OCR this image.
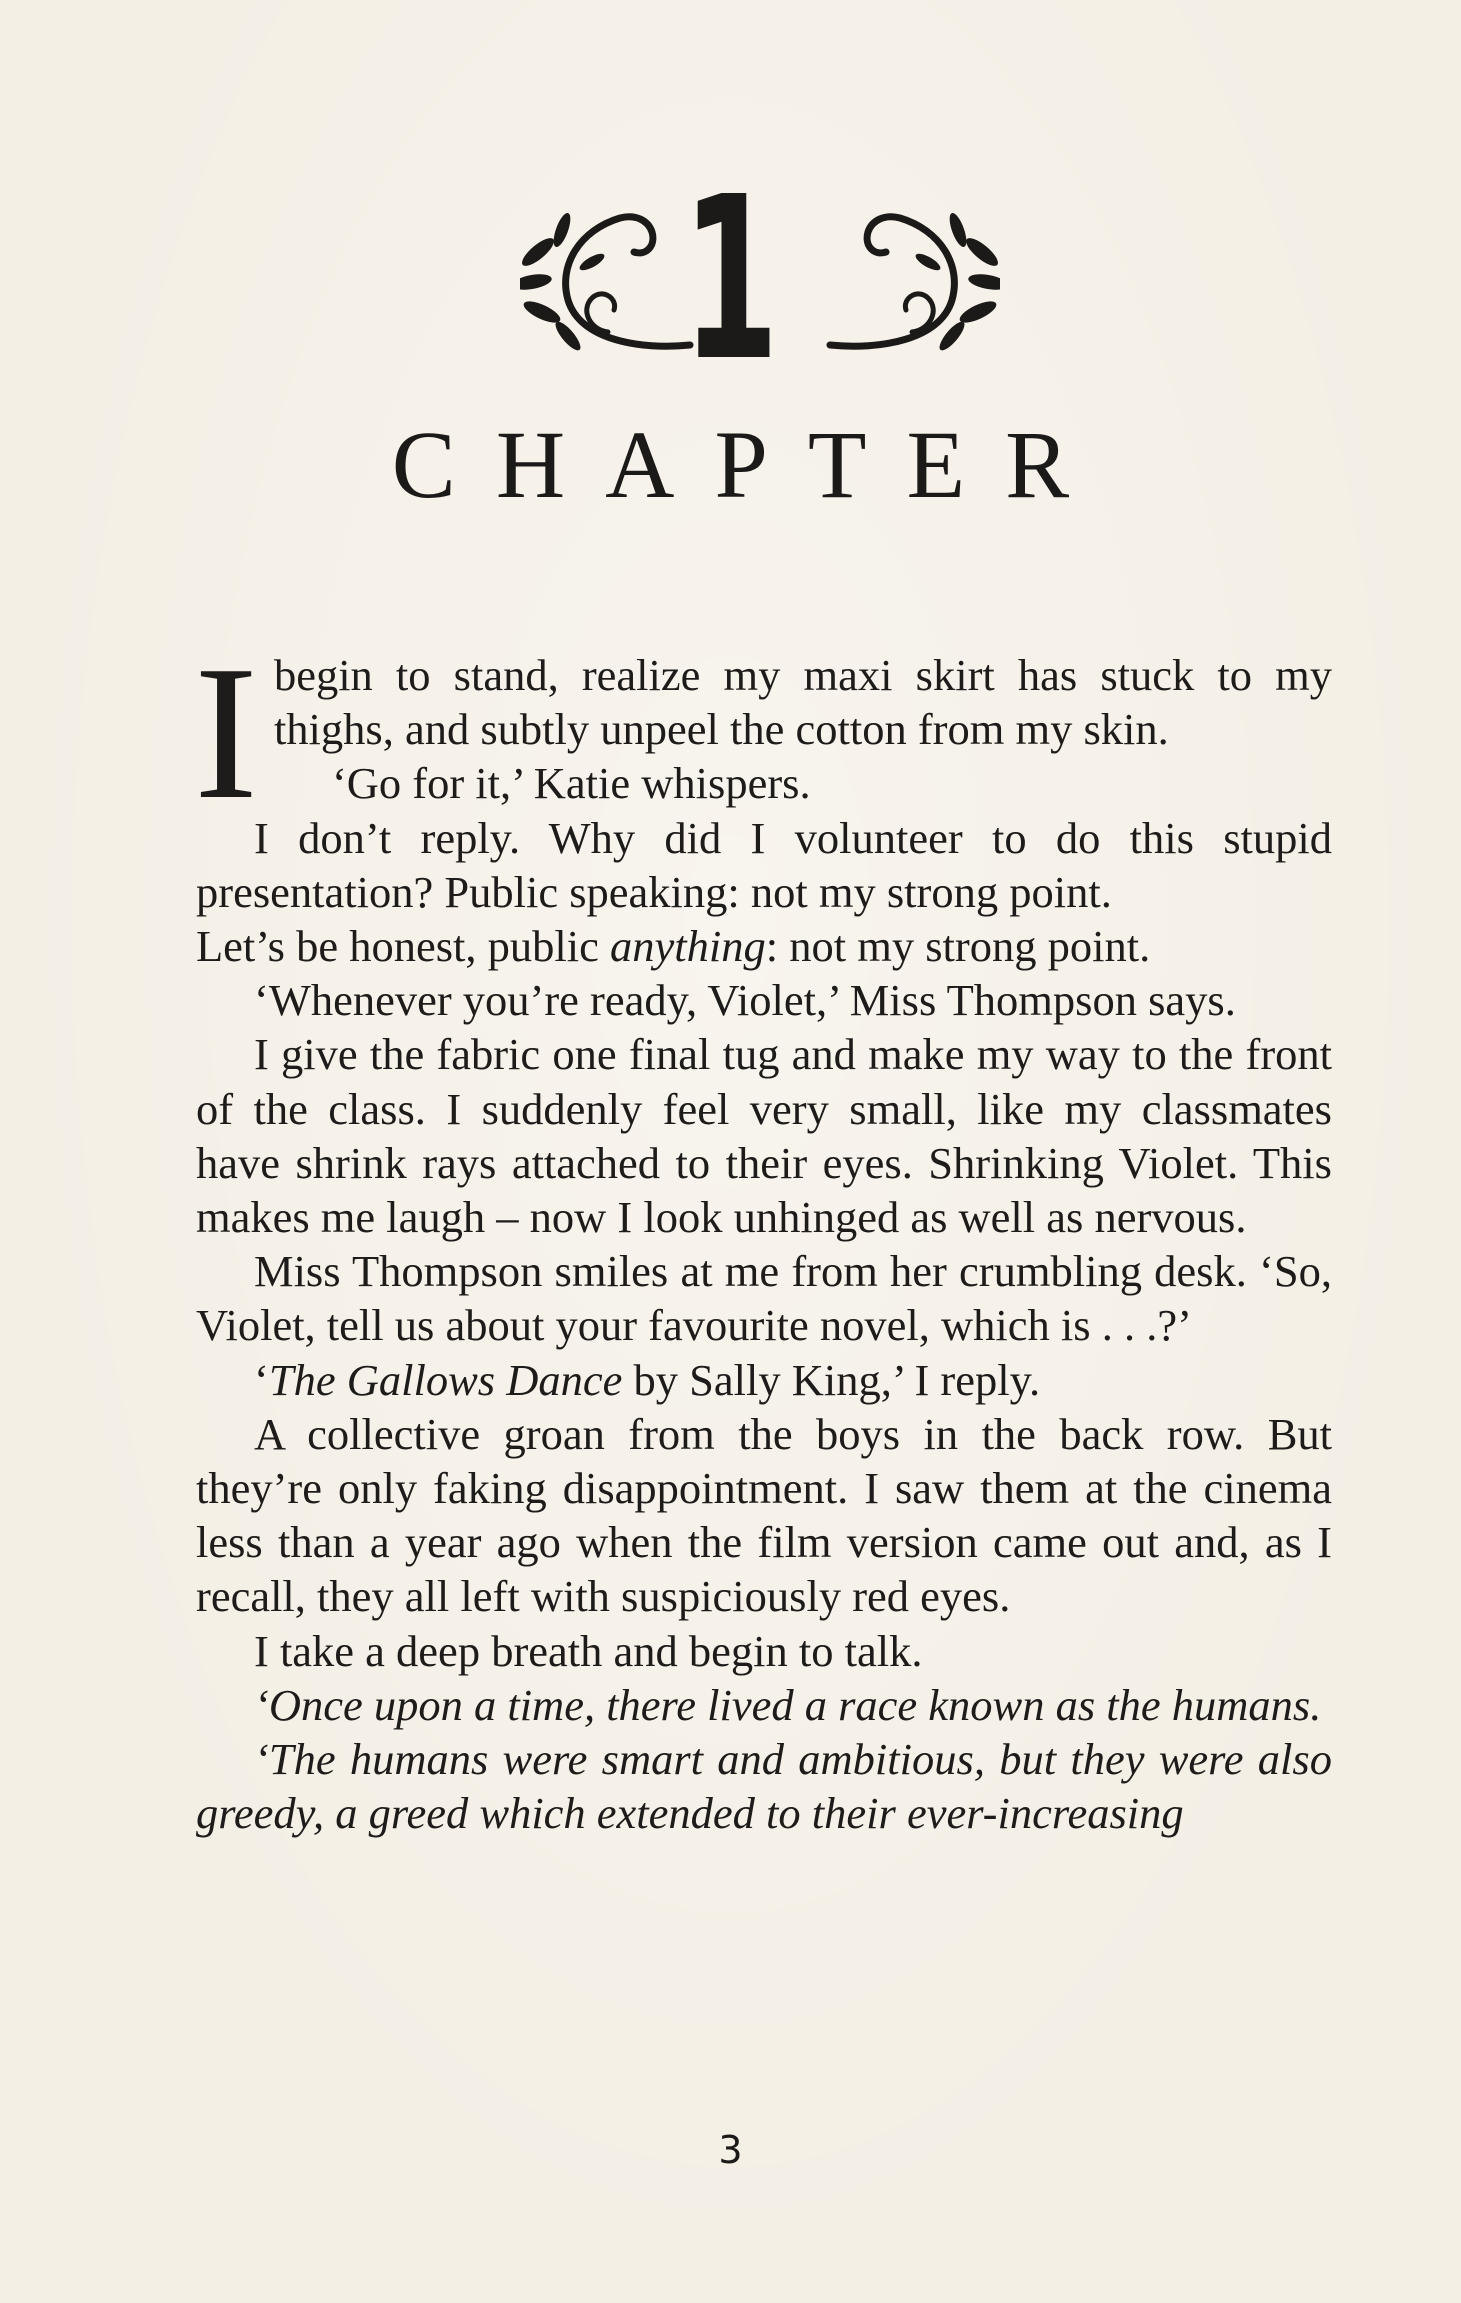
1
CHAPTER

I begin to stand, realize my maxi skirt has stuck to my thighs, and subtly unpeel the cotton from my skin.

‘Go for it,’ Katie whispers.

I don’t reply. Why did I volunteer to do this stupid presentation? Public speaking: not my strong point.

Let’s be honest, public anything: not my strong point.

‘Whenever you’re ready, Violet,’ Miss Thompson says.

I give the fabric one final tug and make my way to the front of the class. I suddenly feel very small, like my classmates have shrink rays attached to their eyes. Shrinking Violet. This makes me laugh – now I look unhinged as well as nervous.

Miss Thompson smiles at me from her crumbling desk. ‘So, Violet, tell us about your favourite novel, which is . . .?’

‘The Gallows Dance by Sally King,’ I reply.

A collective groan from the boys in the back row. But they’re only faking disappointment. I saw them at the cinema less than a year ago when the film version came out and, as I recall, they all left with suspiciously red eyes.

I take a deep breath and begin to talk.

‘Once upon a time, there lived a race known as the humans.

‘The humans were smart and ambitious, but they were also greedy, a greed which extended to their ever-increasing

3
